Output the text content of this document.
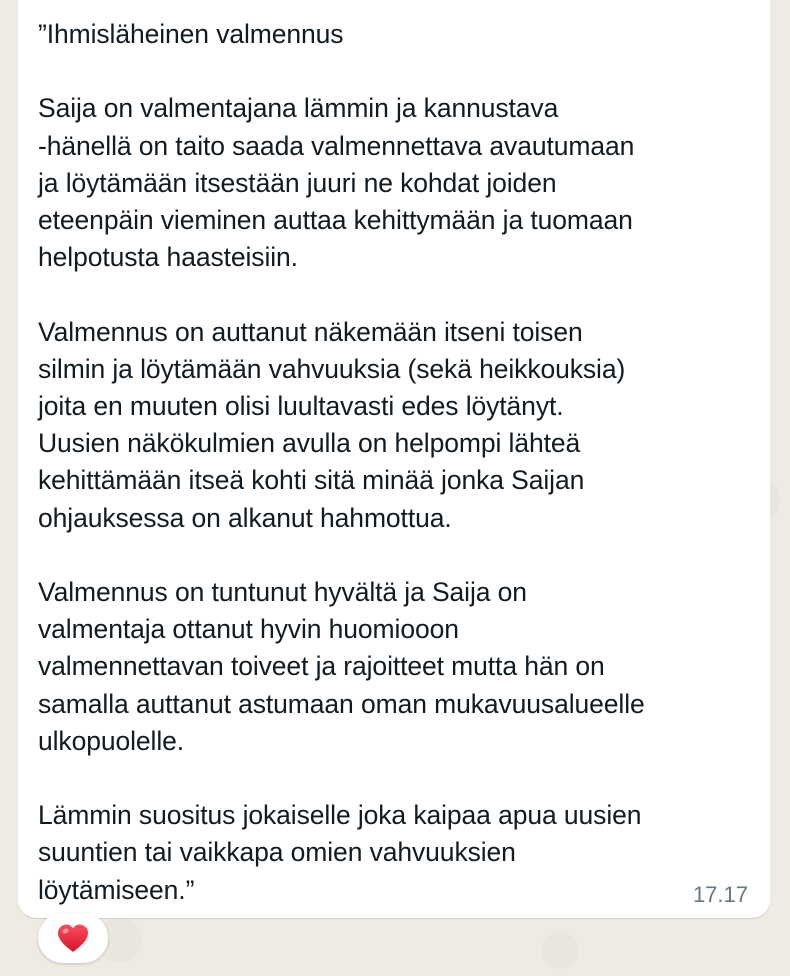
”Ihmisläheinen valmennus

Saija on valmentajana lämmin ja kannustava
-hänellä on taito saada valmennettava avautumaan
ja löytämään itsestään juuri ne kohdat joiden
eteenpäin vieminen auttaa kehittymään ja tuomaan
helpotusta haasteisiin.

Valmennus on auttanut näkemään itseni toisen
silmin ja löytämään vahvuuksia (sekä heikkouksia)
joita en muuten olisi luultavasti edes löytänyt.
Uusien näkökulmien avulla on helpompi lähteä
kehittämään itseä kohti sitä minää jonka Saijan
ohjauksessa on alkanut hahmottua.

Valmennus on tuntunut hyvältä ja Saija on
valmentaja ottanut hyvin huomiooon
valmennettavan toiveet ja rajoitteet mutta hän on
samalla auttanut astumaan oman mukavuusalueelle
ulkopuolelle.

Lämmin suositus jokaiselle joka kaipaa apua uusien
suuntien tai vaikkapa omien vahvuuksien
löytämiseen.”	17.17
